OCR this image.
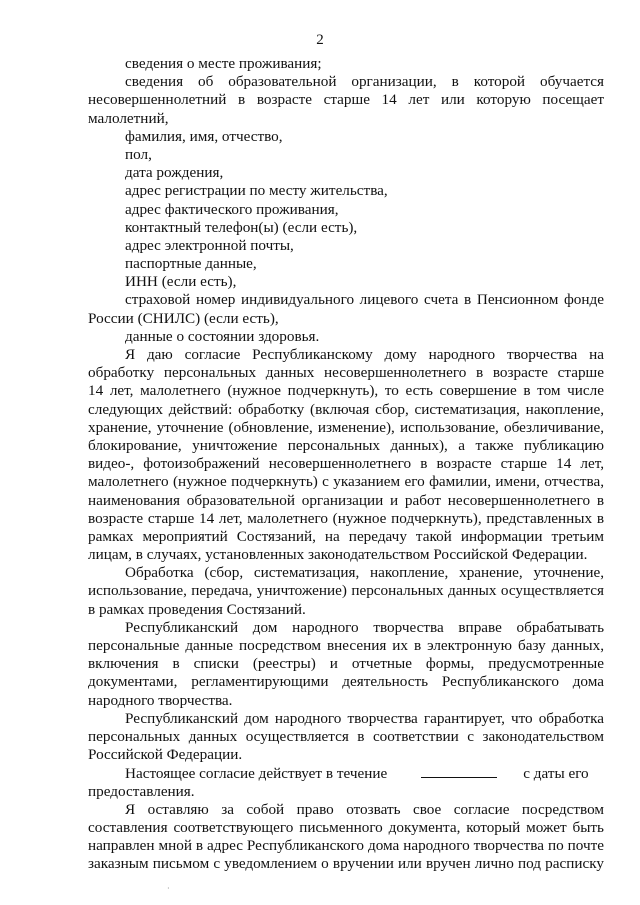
2
сведения о месте проживания;
сведения об образовательной организации, в которой обучается
несовершеннолетний в возрасте старше 14 лет или которую посещает
малолетний,
фамилия, имя, отчество,
пол,
дата рождения,
адрес регистрации по месту жительства,
адрес фактического проживания,
контактный телефон(ы) (если есть),
адрес электронной почты,
паспортные данные,
ИНН (если есть),
страховой номер индивидуального лицевого счета в Пенсионном фонде
России (СНИЛС) (если есть),
данные о состоянии здоровья.
Я даю согласие Республиканскому дому народного творчества на
обработку персональных данных несовершеннолетнего в возрасте старше
14 лет, малолетнего (нужное подчеркнуть), то есть совершение в том числе
следующих действий: обработку (включая сбор, систематизация, накопление,
хранение, уточнение (обновление, изменение), использование, обезличивание,
блокирование, уничтожение персональных данных), а также публикацию
видео-, фотоизображений несовершеннолетнего в возрасте старше 14 лет,
малолетнего (нужное подчеркнуть) с указанием его фамилии, имени, отчества,
наименования образовательной организации и работ несовершеннолетнего в
возрасте старше 14 лет, малолетнего (нужное подчеркнуть), представленных в
рамках мероприятий Состязаний, на передачу такой информации третьим
лицам, в случаях, установленных законодательством Российской Федерации.
Обработка (сбор, систематизация, накопление, хранение, уточнение,
использование, передача, уничтожение) персональных данных осуществляется
в рамках проведения Состязаний.
Республиканский дом народного творчества вправе обрабатывать
персональные данные посредством внесения их в электронную базу данных,
включения в списки (реестры) и отчетные формы, предусмотренные
документами, регламентирующими деятельность Республиканского дома
народного творчества.
Республиканский дом народного творчества гарантирует, что обработка
персональных данных осуществляется в соответствии с законодательством
Российской Федерации.
Настоящее согласие действует в течение	с даты его
предоставления.
Я оставляю за собой право отозвать свое согласие посредством
составления соответствующего письменного документа, который может быть
направлен мной в адрес Республиканского дома народного творчества по почте
заказным письмом с уведомлением о вручении или вручен лично под расписку
·
